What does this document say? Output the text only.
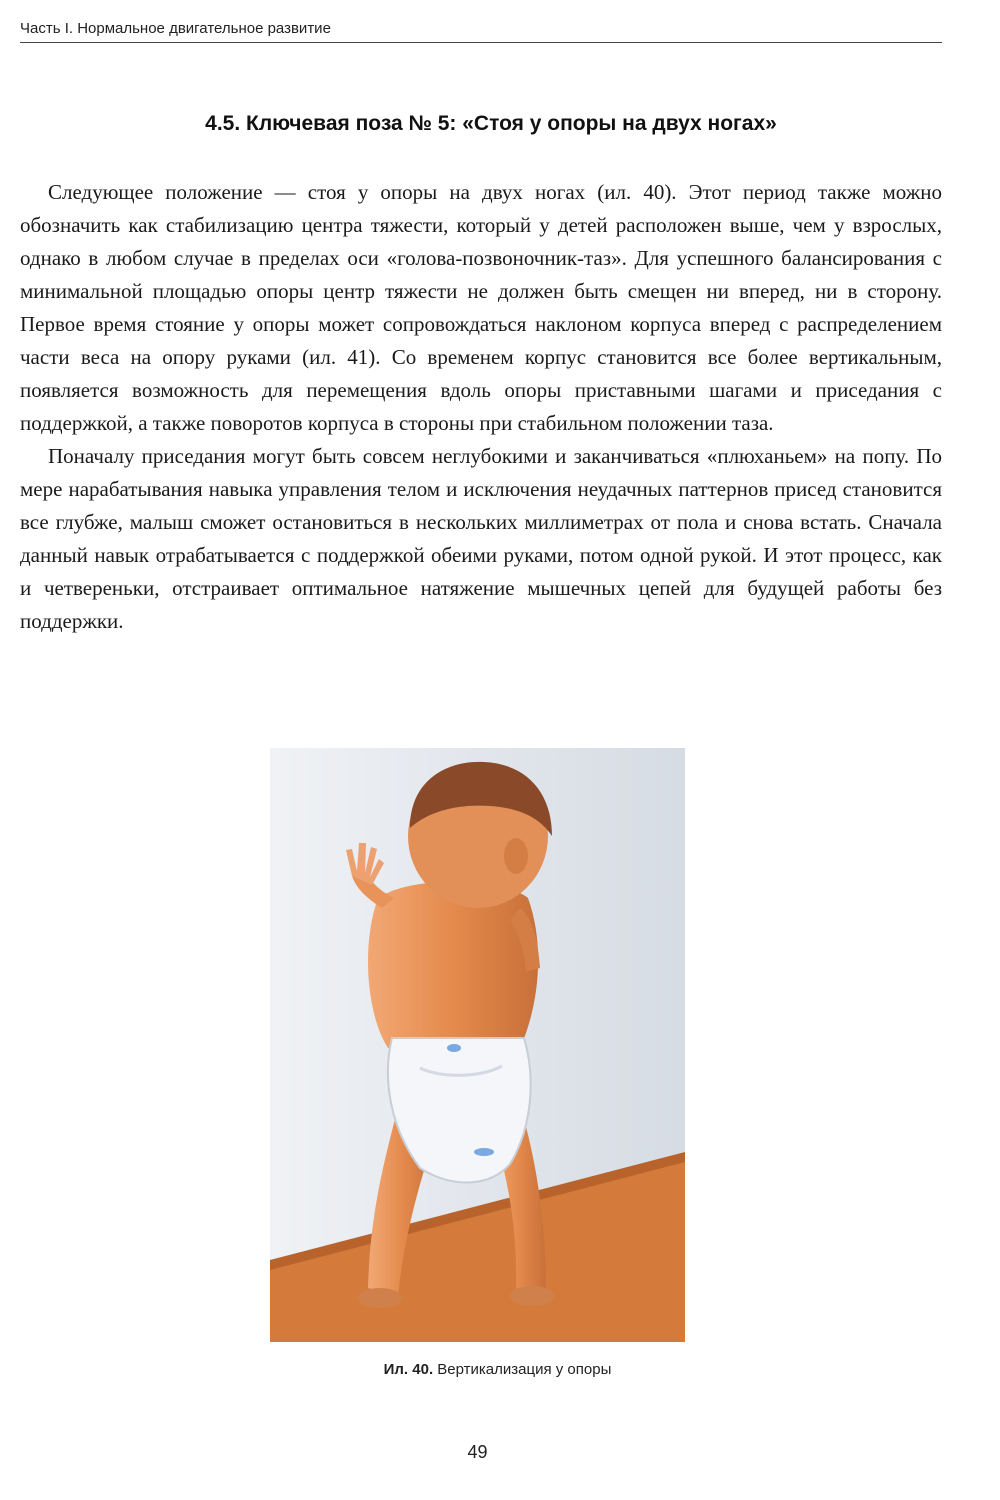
Часть I. Нормальное двигательное развитие
4.5. Ключевая поза № 5: «Стоя у опоры на двух ногах»

Следующее положение — стоя у опоры на двух ногах (ил. 40). Этот период также можно обозначить как стабилизацию центра тяжести, который у детей расположен выше, чем у взрослых, однако в любом случае в пределах оси «голова-позвоночник-таз». Для успешного балансирования с минимальной площадью опоры центр тяжести не должен быть смещен ни вперед, ни в сторону. Первое время стояние у опоры может сопровождаться наклоном корпуса вперед с распределением части веса на опору руками (ил. 41). Со временем корпус становится все более вертикальным, появляется возможность для перемещения вдоль опоры приставными шагами и приседания с поддержкой, а также поворотов корпуса в стороны при стабильном положении таза.

Поначалу приседания могут быть совсем неглубокими и заканчиваться «плюханьем» на попу. По мере нарабатывания навыка управления телом и исключения неудачных паттернов присед становится все глубже, малыш сможет остановиться в нескольких миллиметрах от пола и снова встать. Сначала данный навык отрабатывается с поддержкой обеими руками, потом одной рукой. И этот процесс, как и четвереньки, отстраивает оптимальное натяжение мышечных цепей для будущей работы без поддержки.

Ил. 40. Вертикализация у опоры
49
